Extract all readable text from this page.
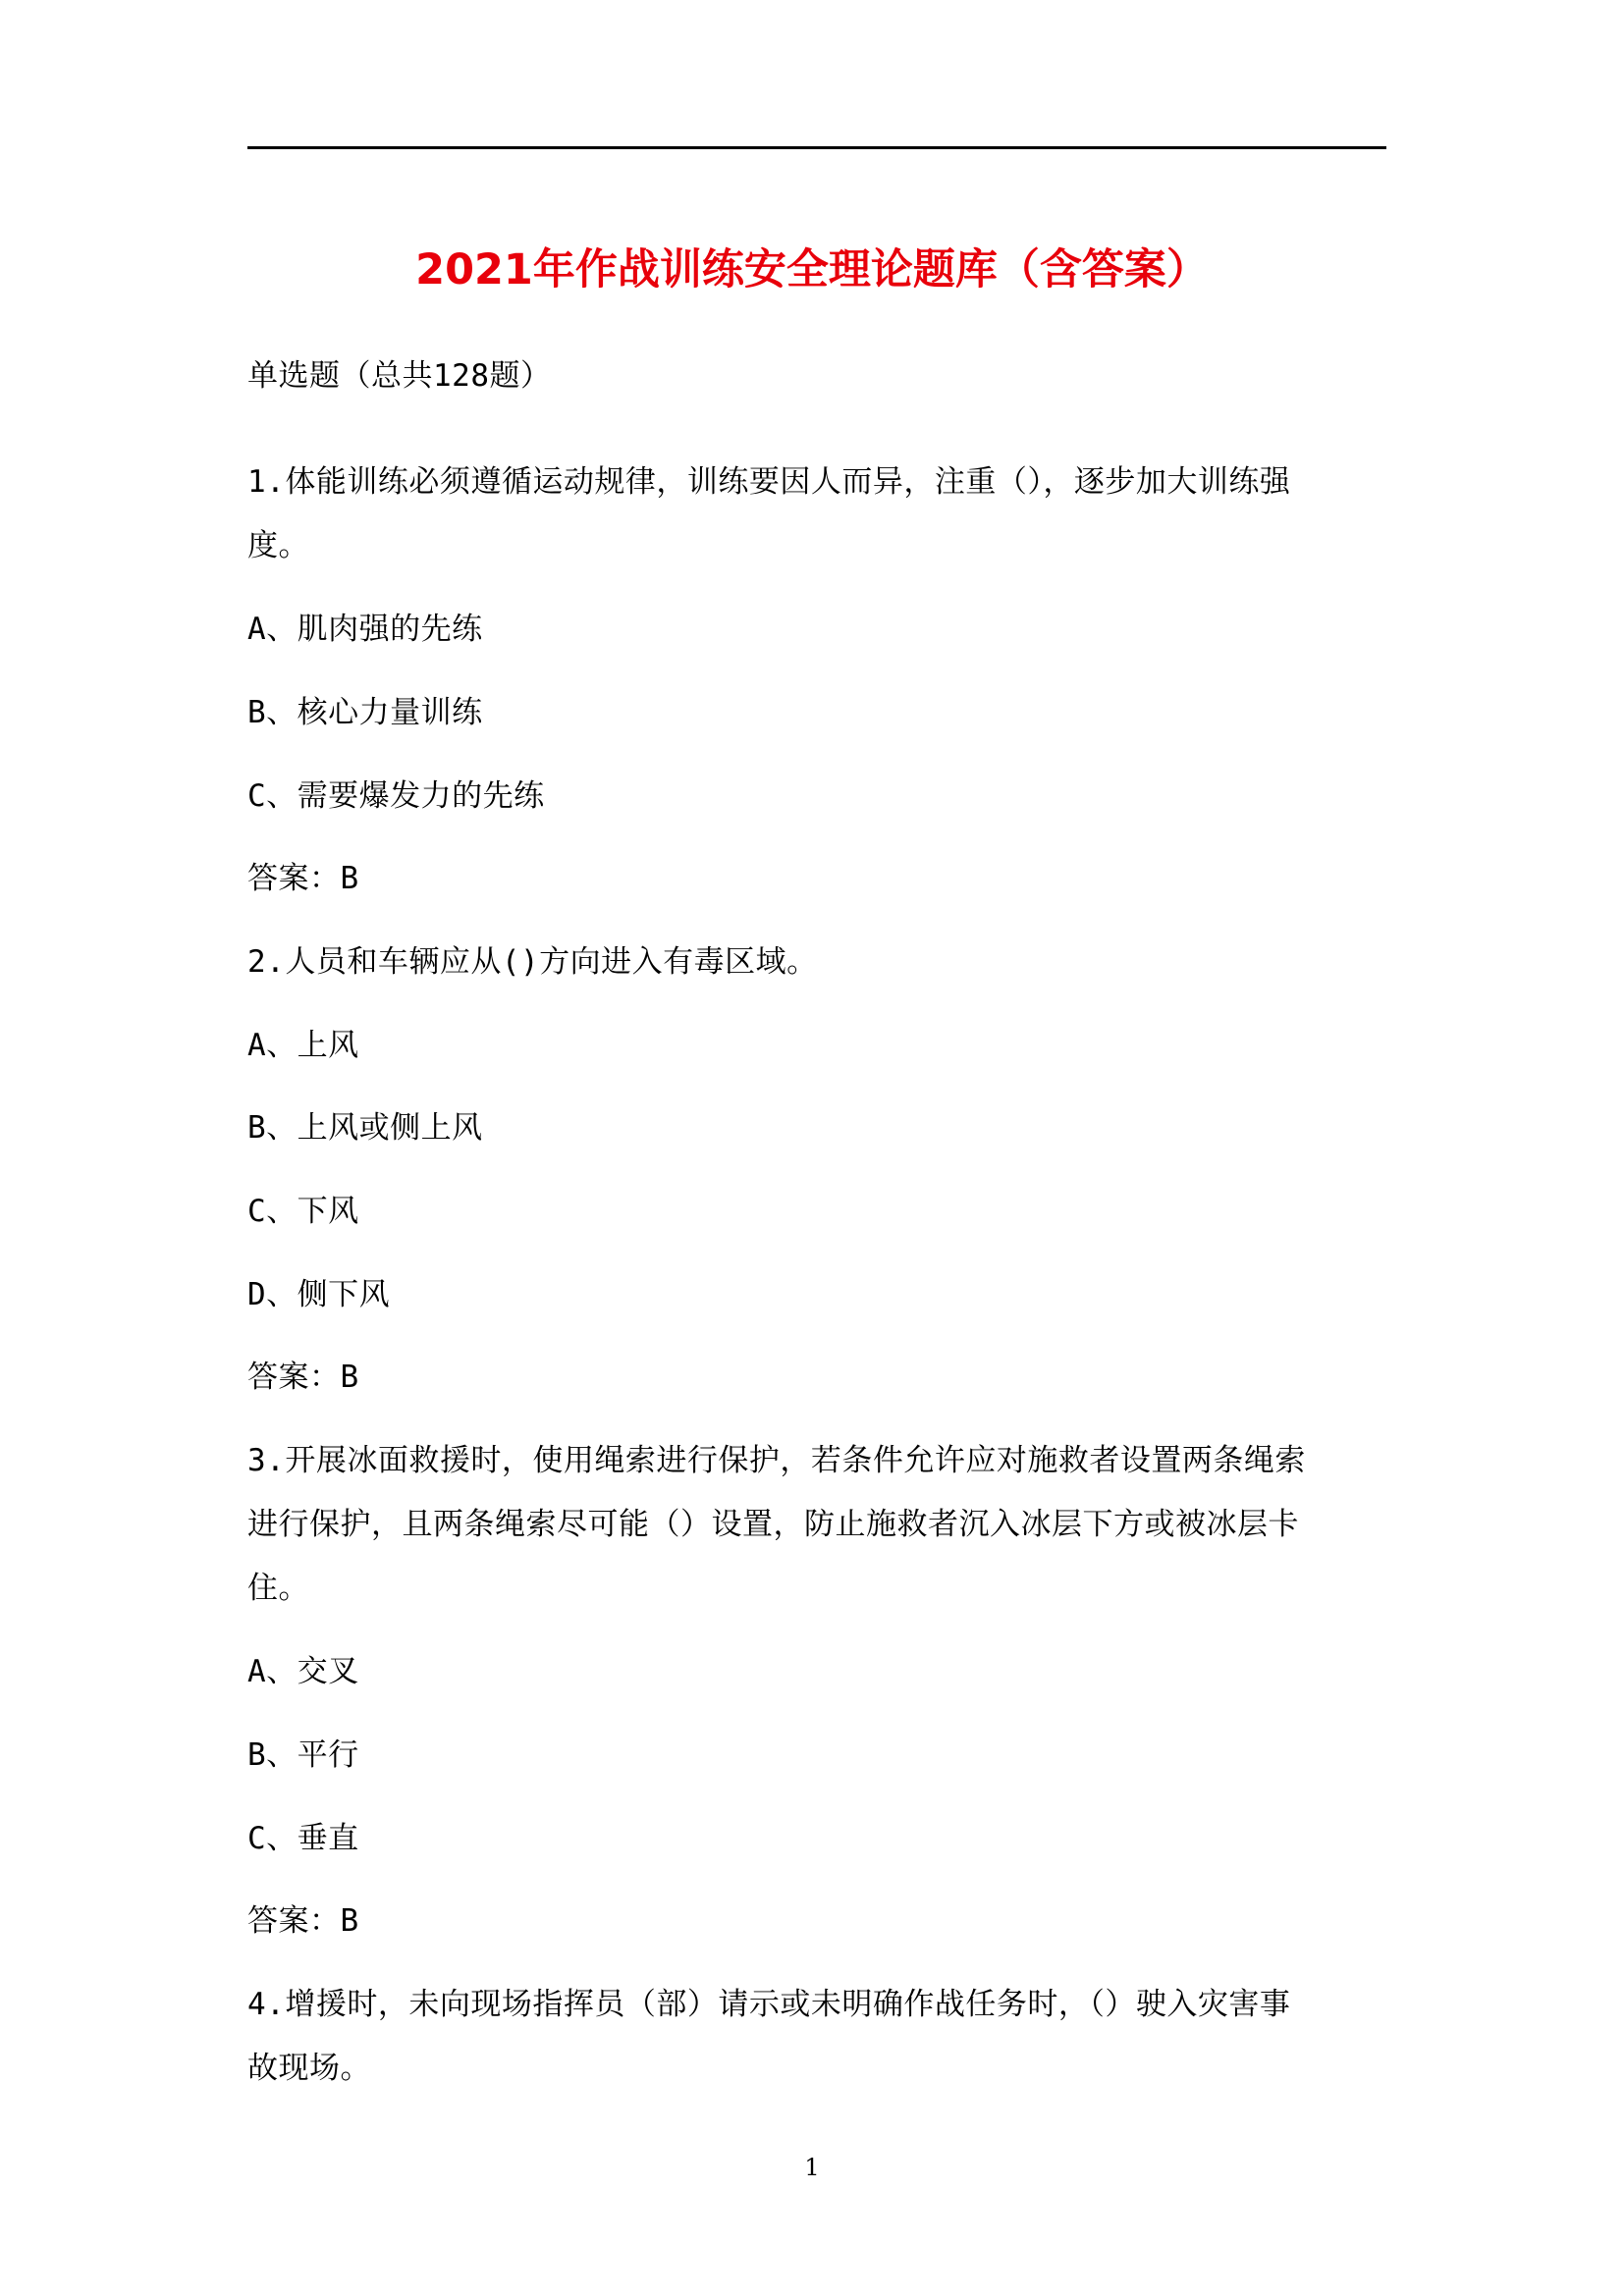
2021年作战训练安全理论题库（含答案）
单选题（总共128题）
1.体能训练必须遵循运动规律，训练要因人而异，注重（），逐步加大训练强
度。
A、肌肉强的先练
B、核心力量训练
C、需要爆发力的先练
答案：B
2.人员和车辆应从()方向进入有毒区域。
A、上风
B、上风或侧上风
C、下风
D、侧下风
答案：B
3.开展冰面救援时，使用绳索进行保护，若条件允许应对施救者设置两条绳索
进行保护，且两条绳索尽可能（）设置，防止施救者沉入冰层下方或被冰层卡
住。
A、交叉
B、平行
C、垂直
答案：B
4.增援时，未向现场指挥员（部）请示或未明确作战任务时，（）驶入灾害事
故现场。
1
